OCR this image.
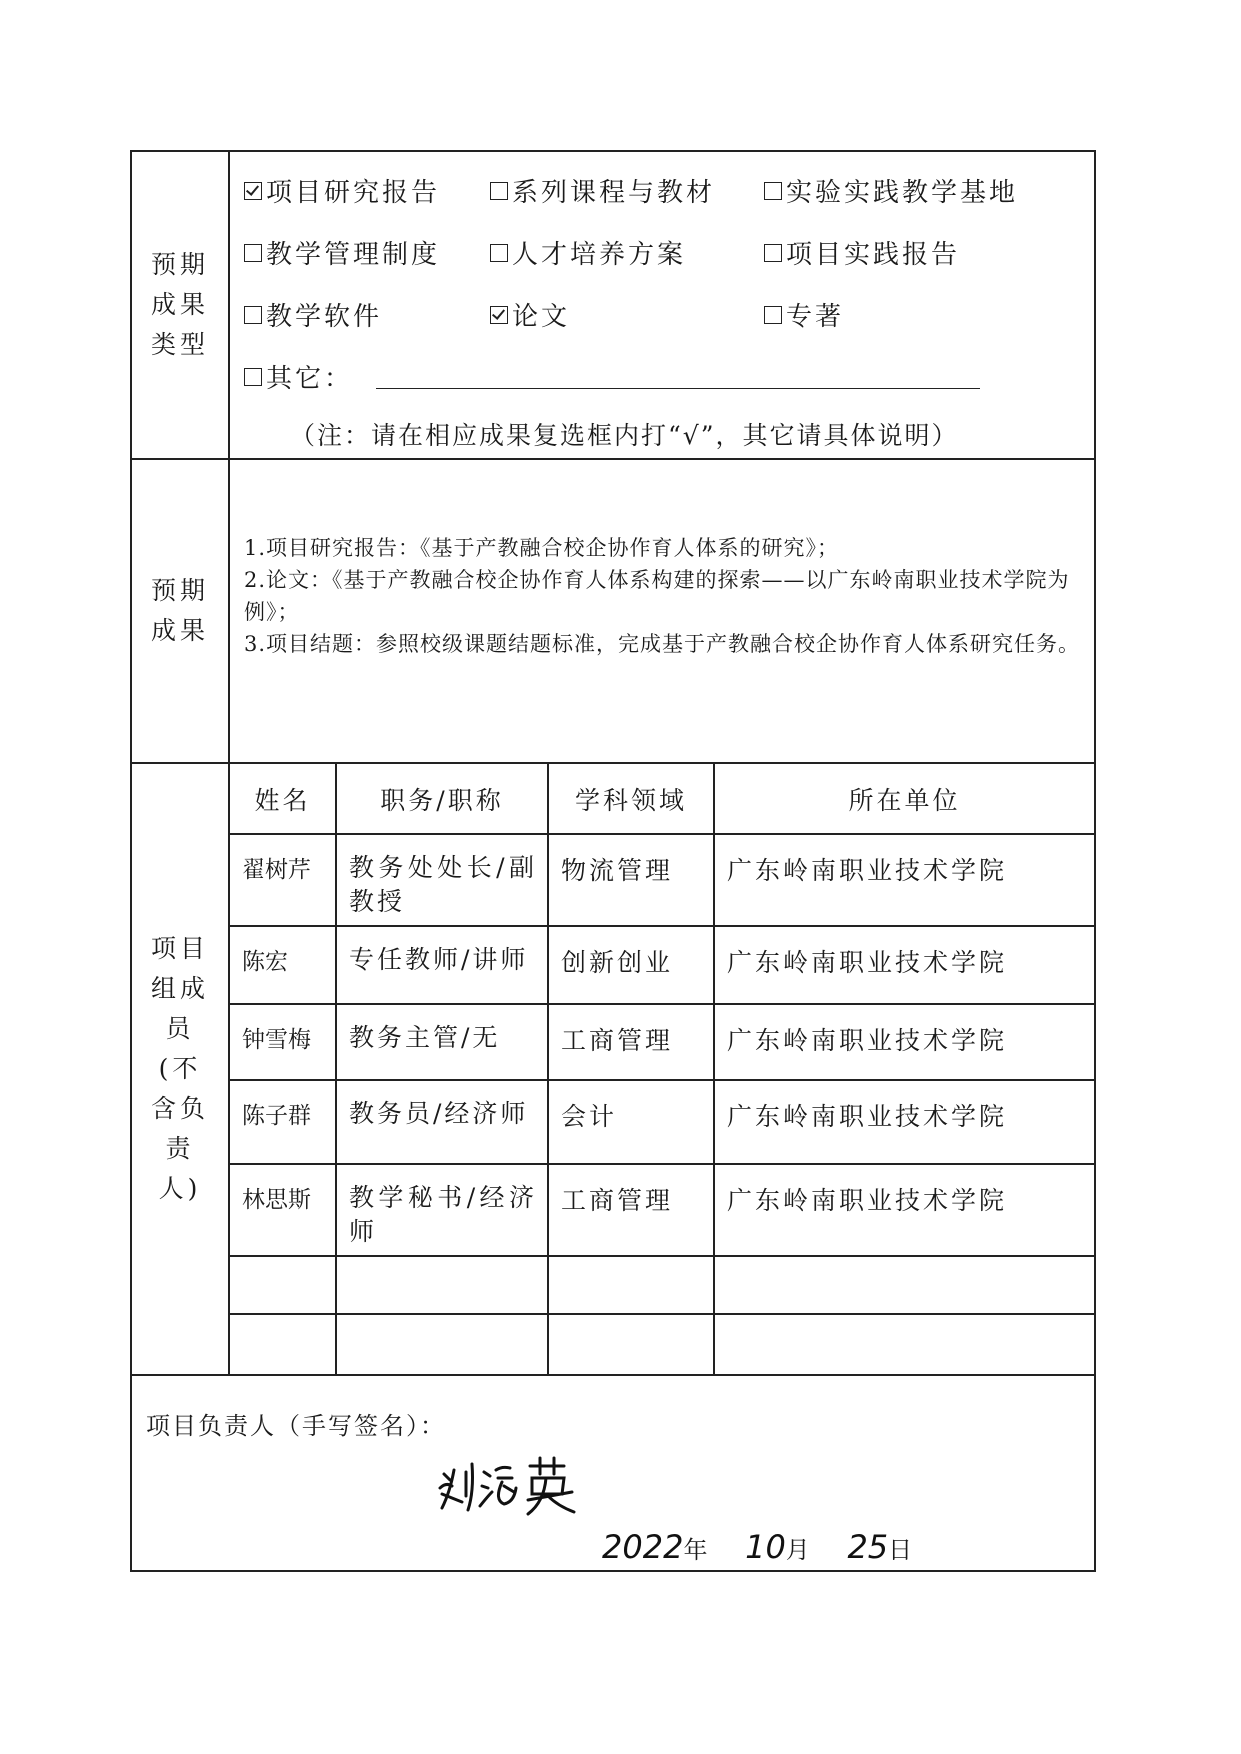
预期成果类型
项目研究报告	系列课程与教材	实验实践教学基地
教学管理制度	人才培养方案	项目实践报告
教学软件	论文	专著
其它：
（注：请在相应成果复选框内打“√”，其它请具体说明）
预期成果

1.项目研究报告：《基于产教融合校企协作育人体系的研究》；

2.论文：《基于产教融合校企协作育人体系构建的探索——以广东岭南职业技术学院为例》；

3.项目结题：参照校级课题结题标准，完成基于产教融合校企协作育人体系研究任务。

项目组成员(不含负责人)
姓名	职务/职称	学科领域	所在单位
翟树芹	教务处处长/副教授	物流管理	广东岭南职业技术学院
陈宏	专任教师/讲师	创新创业	广东岭南职业技术学院
钟雪梅	教务主管/无	工商管理	广东岭南职业技术学院
陈子群	教务员/经济师	会计	广东岭南职业技术学院
林思斯	教学秘书/经济师	工商管理	广东岭南职业技术学院

项目负责人（手写签名）：
2022年 10月 25日
